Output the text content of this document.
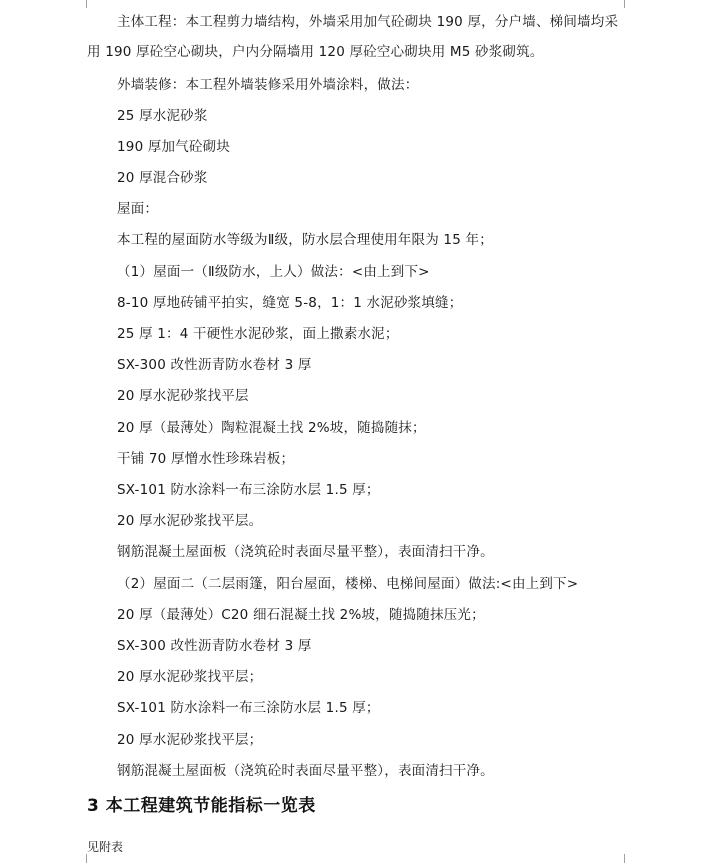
主体工程：本工程剪力墙结构，外墙采用加气砼砌块 190 厚，分户墙、梯间墙均采
用 190 厚砼空心砌块，户内分隔墙用 120 厚砼空心砌块用 M5 砂浆砌筑。
外墙装修：本工程外墙装修采用外墙涂料，做法：
25 厚水泥砂浆
190 厚加气砼砌块
20 厚混合砂浆
屋面：
本工程的屋面防水等级为Ⅱ级，防水层合理使用年限为 15 年；
（1）屋面一（Ⅱ级防水，上人）做法：<由上到下>
8-10 厚地砖铺平拍实，缝宽 5-8，1：1 水泥砂浆填缝；
25 厚 1：4 干硬性水泥砂浆，面上撒素水泥；
SX-300 改性沥青防水卷材 3 厚
20 厚水泥砂浆找平层
20 厚（最薄处）陶粒混凝土找 2%坡，随捣随抹；
干铺 70 厚憎水性珍珠岩板；
SX-101 防水涂料一布三涂防水层 1.5 厚；
20 厚水泥砂浆找平层。
钢筋混凝土屋面板（浇筑砼时表面尽量平整），表面清扫干净。
（2）屋面二（二层雨篷，阳台屋面，楼梯、电梯间屋面）做法:<由上到下>
20 厚（最薄处）C20 细石混凝土找 2%坡，随捣随抹压光；
SX-300 改性沥青防水卷材 3 厚
20 厚水泥砂浆找平层；
SX-101 防水涂料一布三涂防水层 1.5 厚；
20 厚水泥砂浆找平层；
钢筋混凝土屋面板（浇筑砼时表面尽量平整），表面清扫干净。
3 本工程建筑节能指标一览表
见附表
